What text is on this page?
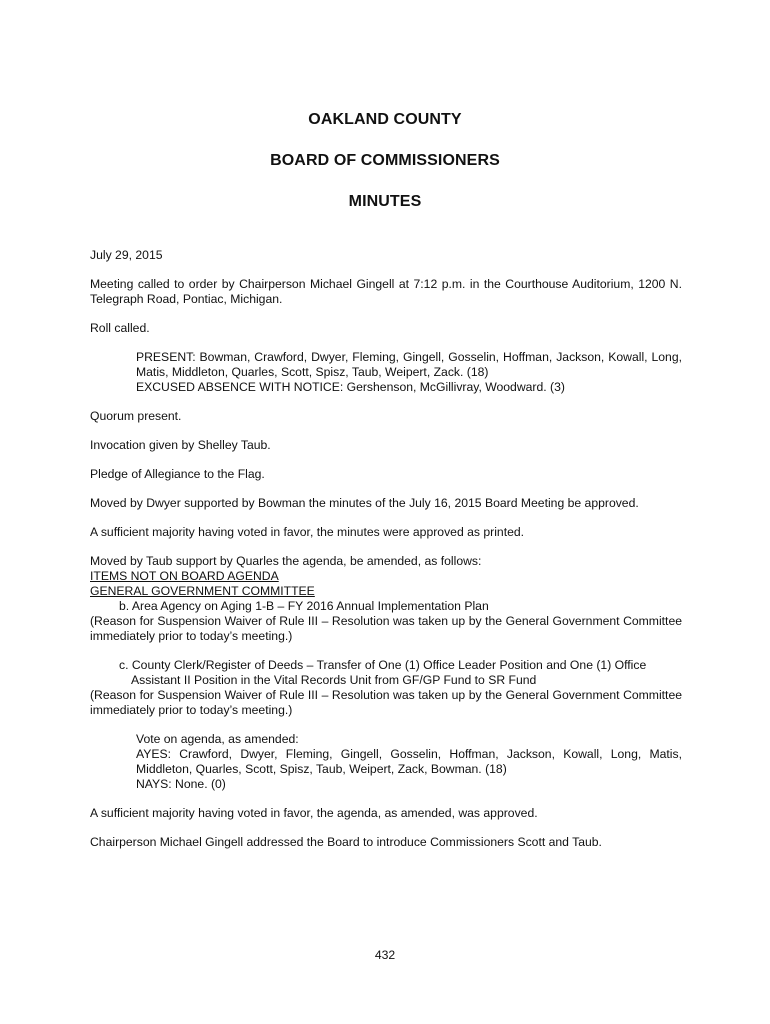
OAKLAND COUNTY
BOARD OF COMMISSIONERS
MINUTES

July 29, 2015

Meeting called to order by Chairperson Michael Gingell at 7:12 p.m. in the Courthouse Auditorium, 1200 N. Telegraph Road, Pontiac, Michigan.

Roll called.

PRESENT: Bowman, Crawford, Dwyer, Fleming, Gingell, Gosselin, Hoffman, Jackson, Kowall, Long, Matis, Middleton, Quarles, Scott, Spisz, Taub, Weipert, Zack. (18)

EXCUSED ABSENCE WITH NOTICE: Gershenson, McGillivray, Woodward. (3)

Quorum present.

Invocation given by Shelley Taub.

Pledge of Allegiance to the Flag.

Moved by Dwyer supported by Bowman the minutes of the July 16, 2015 Board Meeting be approved.

A sufficient majority having voted in favor, the minutes were approved as printed.

Moved by Taub support by Quarles the agenda, be amended, as follows:
ITEMS NOT ON BOARD AGENDA
GENERAL GOVERNMENT COMMITTEE
b. Area Agency on Aging 1-B – FY 2016 Annual Implementation Plan
(Reason for Suspension Waiver of Rule III – Resolution was taken up by the General Government Committee immediately prior to today’s meeting.)
c. County Clerk/Register of Deeds – Transfer of One (1) Office Leader Position and One (1) Office
Assistant II Position in the Vital Records Unit from GF/GP Fund to SR Fund
(Reason for Suspension Waiver of Rule III – Resolution was taken up by the General Government Committee immediately prior to today’s meeting.)

Vote on agenda, as amended:

AYES: Crawford, Dwyer, Fleming, Gingell, Gosselin, Hoffman, Jackson, Kowall, Long, Matis, Middleton, Quarles, Scott, Spisz, Taub, Weipert, Zack, Bowman. (18)

NAYS: None. (0)

A sufficient majority having voted in favor, the agenda, as amended, was approved.

Chairperson Michael Gingell addressed the Board to introduce Commissioners Scott and Taub.

432
